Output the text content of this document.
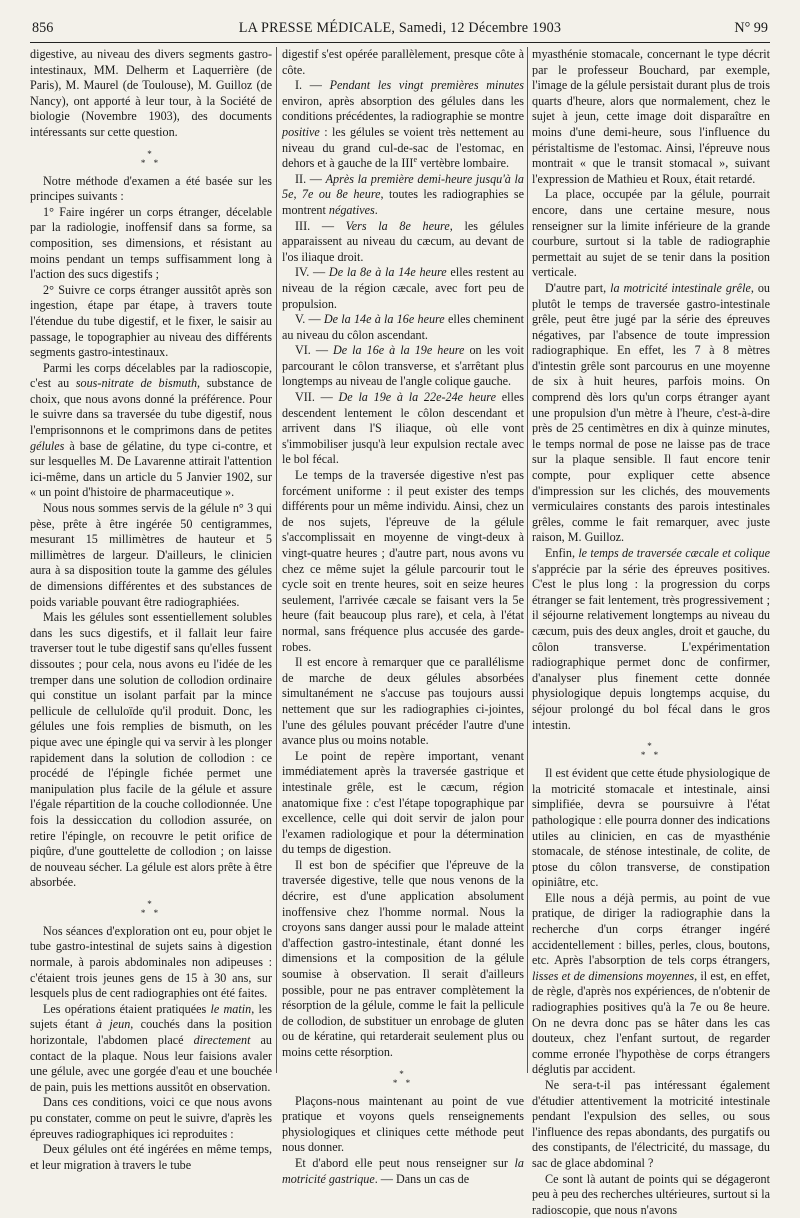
856	LA PRESSE MÉDICALE, Samedi, 12 Décembre 1903	N° 99

digestive, au niveau des divers segments gastro-intestinaux, MM. Delherm et Laquerrière (de Paris), M. Maurel (de Toulouse), M. Guilloz (de Nancy), ont apporté à leur tour, à la Société de biologie (Novembre 1903), des documents intéressants sur cette question.

*
* *

Notre méthode d'examen a été basée sur les principes suivants :

1° Faire ingérer un corps étranger, décelable par la radiologie, inoffensif dans sa forme, sa composition, ses dimensions, et résistant au moins pendant un temps suffisamment long à l'action des sucs digestifs ;

2° Suivre ce corps étranger aussitôt après son ingestion, étape par étape, à travers toute l'étendue du tube digestif, et le fixer, le saisir au passage, le topographier au niveau des différents segments gastro-intestinaux.

Parmi les corps décelables par la radioscopie, c'est au sous-nitrate de bismuth, substance de choix, que nous avons donné la préférence. Pour le suivre dans sa traversée du tube digestif, nous l'emprisonnons et le comprimons dans de petites gélules à base de gélatine, du type ci-contre, et sur lesquelles M. De Lavarenne attirait l'attention ici-même, dans un article du 5 Janvier 1902, sur « un point d'histoire de pharmaceutique ».

Nous nous sommes servis de la gélule n° 3 qui pèse, prête à être ingérée 50 centigrammes, mesurant 15 millimètres de hauteur et 5 millimètres de largeur. D'ailleurs, le clinicien aura à sa disposition toute la gamme des gélules de dimensions différentes et des substances de poids variable pouvant être radiographiées.

Mais les gélules sont essentiellement solubles dans les sucs digestifs, et il fallait leur faire traverser tout le tube digestif sans qu'elles fussent dissoutes ; pour cela, nous avons eu l'idée de les tremper dans une solution de collodion ordinaire qui constitue un isolant parfait par la mince pellicule de celluloïde qu'il produit. Donc, les gélules une fois remplies de bismuth, on les pique avec une épingle qui va servir à les plonger rapidement dans la solution de collodion : ce procédé de l'épingle fichée permet une manipulation plus facile de la gélule et assure l'égale répartition de la couche collodionnée. Une fois la dessiccation du collodion assurée, on retire l'épingle, on recouvre le petit orifice de piqûre, d'une gouttelette de collodion ; on laisse de nouveau sécher. La gélule est alors prête à être absorbée.

*
* *

Nos séances d'exploration ont eu, pour objet le tube gastro-intestinal de sujets sains à digestion normale, à parois abdominales non adipeuses : c'étaient trois jeunes gens de 15 à 30 ans, sur lesquels plus de cent radiographies ont été faites.

Les opérations étaient pratiquées le matin, les sujets étant à jeun, couchés dans la position horizontale, l'abdomen placé directement au contact de la plaque. Nous leur faisions avaler une gélule, avec une gorgée d'eau et une bouchée de pain, puis les mettions aussitôt en observation.

Dans ces conditions, voici ce que nous avons pu constater, comme on peut le suivre, d'après les épreuves radiographiques ici reproduites :

Deux gélules ont été ingérées en même temps, et leur migration à travers le tube

digestif s'est opérée parallèlement, presque côte à côte.

I. — Pendant les vingt premières minutes environ, après absorption des gélules dans les conditions précédentes, la radiographie se montre positive : les gélules se voient très nettement au niveau du grand cul-de-sac de l'estomac, en dehors et à gauche de la IIIe vertèbre lombaire.

II. — Après la première demi-heure jusqu'à la 5e, 7e ou 8e heure, toutes les radiographies se montrent négatives.

III. — Vers la 8e heure, les gélules apparaissent au niveau du cæcum, au devant de l'os iliaque droit.

IV. — De la 8e à la 14e heure elles restent au niveau de la région cæcale, avec fort peu de propulsion.

V. — De la 14e à la 16e heure elles cheminent au niveau du côlon ascendant.

VI. — De la 16e à la 19e heure on les voit parcourant le côlon transverse, et s'arrêtant plus longtemps au niveau de l'angle colique gauche.

VII. — De la 19e à la 22e-24e heure elles descendent lentement le côlon descendant et arrivent dans l'S iliaque, où elle vont s'immobiliser jusqu'à leur expulsion rectale avec le bol fécal.

Le temps de la traversée digestive n'est pas forcément uniforme : il peut exister des temps différents pour un même individu. Ainsi, chez un de nos sujets, l'épreuve de la gélule s'accomplissait en moyenne de vingt-deux à vingt-quatre heures ; d'autre part, nous avons vu chez ce même sujet la gélule parcourir tout le cycle soit en trente heures, soit en seize heures seulement, l'arrivée cæcale se faisant vers la 5e heure (fait beaucoup plus rare), et cela, à l'état normal, sans fréquence plus accusée des garde-robes.

Il est encore à remarquer que ce parallélisme de marche de deux gélules absorbées simultanément ne s'accuse pas toujours aussi nettement que sur les radiographies ci-jointes, l'une des gélules pouvant précéder l'autre d'une avance plus ou moins notable.

Le point de repère important, venant immédiatement après la traversée gastrique et intestinale grêle, est le cæcum, région anatomique fixe : c'est l'étape topographique par excellence, celle qui doit servir de jalon pour l'examen radiologique et pour la détermination du temps de digestion.

Il est bon de spécifier que l'épreuve de la traversée digestive, telle que nous venons de la décrire, est d'une application absolument inoffensive chez l'homme normal. Nous la croyons sans danger aussi pour le malade atteint d'affection gastro-intestinale, étant donné les dimensions et la composition de la gélule soumise à observation. Il serait d'ailleurs possible, pour ne pas entraver complètement la résorption de la gélule, comme le fait la pellicule de collodion, de substituer un enrobage de gluten ou de kératine, qui retarderait seulement plus ou moins cette résorption.

*
* *

Plaçons-nous maintenant au point de vue pratique et voyons quels renseignements physiologiques et cliniques cette méthode peut nous donner.

Et d'abord elle peut nous renseigner sur la motricité gastrique. — Dans un cas de

myasthénie stomacale, concernant le type décrit par le professeur Bouchard, par exemple, l'image de la gélule persistait durant plus de trois quarts d'heure, alors que normalement, chez le sujet à jeun, cette image doit disparaître en moins d'une demi-heure, sous l'influence du péristaltisme de l'estomac. Ainsi, l'épreuve nous montrait « que le transit stomacal », suivant l'expression de Mathieu et Roux, était retardé.

La place, occupée par la gélule, pourrait encore, dans une certaine mesure, nous renseigner sur la limite inférieure de la grande courbure, surtout si la table de radiographie permettait au sujet de se tenir dans la position verticale.

D'autre part, la motricité intestinale grêle, ou plutôt le temps de traversée gastro-intestinale grêle, peut être jugé par la série des épreuves négatives, par l'absence de toute impression radiographique. En effet, les 7 à 8 mètres d'intestin grêle sont parcourus en une moyenne de six à huit heures, parfois moins. On comprend dès lors qu'un corps étranger ayant une propulsion d'un mètre à l'heure, c'est-à-dire près de 25 centimètres en dix à quinze minutes, le temps normal de pose ne laisse pas de trace sur la plaque sensible. Il faut encore tenir compte, pour expliquer cette absence d'impression sur les clichés, des mouvements vermiculaires constants des parois intestinales grêles, comme le fait remarquer, avec juste raison, M. Guilloz.

Enfin, le temps de traversée cæcale et colique s'apprécie par la série des épreuves positives. C'est le plus long : la progression du corps étranger se fait lentement, très progressivement ; il séjourne relativement longtemps au niveau du cæcum, puis des deux angles, droit et gauche, du côlon transverse. L'expérimentation radiographique permet donc de confirmer, d'analyser plus finement cette donnée physiologique depuis longtemps acquise, du séjour prolongé du bol fécal dans le gros intestin.

*
* *

Il est évident que cette étude physiologique de la motricité stomacale et intestinale, ainsi simplifiée, devra se poursuivre à l'état pathologique : elle pourra donner des indications utiles au clinicien, en cas de myasthénie stomacale, de sténose intestinale, de colite, de ptose du côlon transverse, de constipation opiniâtre, etc.

Elle nous a déjà permis, au point de vue pratique, de diriger la radiographie dans la recherche d'un corps étranger ingéré accidentellement : billes, perles, clous, boutons, etc. Après l'absorption de tels corps étrangers, lisses et de dimensions moyennes, il est, en effet, de règle, d'après nos expériences, de n'obtenir de radiographies positives qu'à la 7e ou 8e heure. On ne devra donc pas se hâter dans les cas douteux, chez l'enfant surtout, de regarder comme erronée l'hypothèse de corps étrangers déglutis par accident.

Ne sera-t-il pas intéressant également d'étudier attentivement la motricité intestinale pendant l'expulsion des selles, ou sous l'influence des repas abondants, des purgatifs ou des constipants, de l'électricité, du massage, du sac de glace abdominal ?

Ce sont là autant de points qui se dégageront peu à peu des recherches ultérieures, surtout si la radioscopie, que nous n'avons
